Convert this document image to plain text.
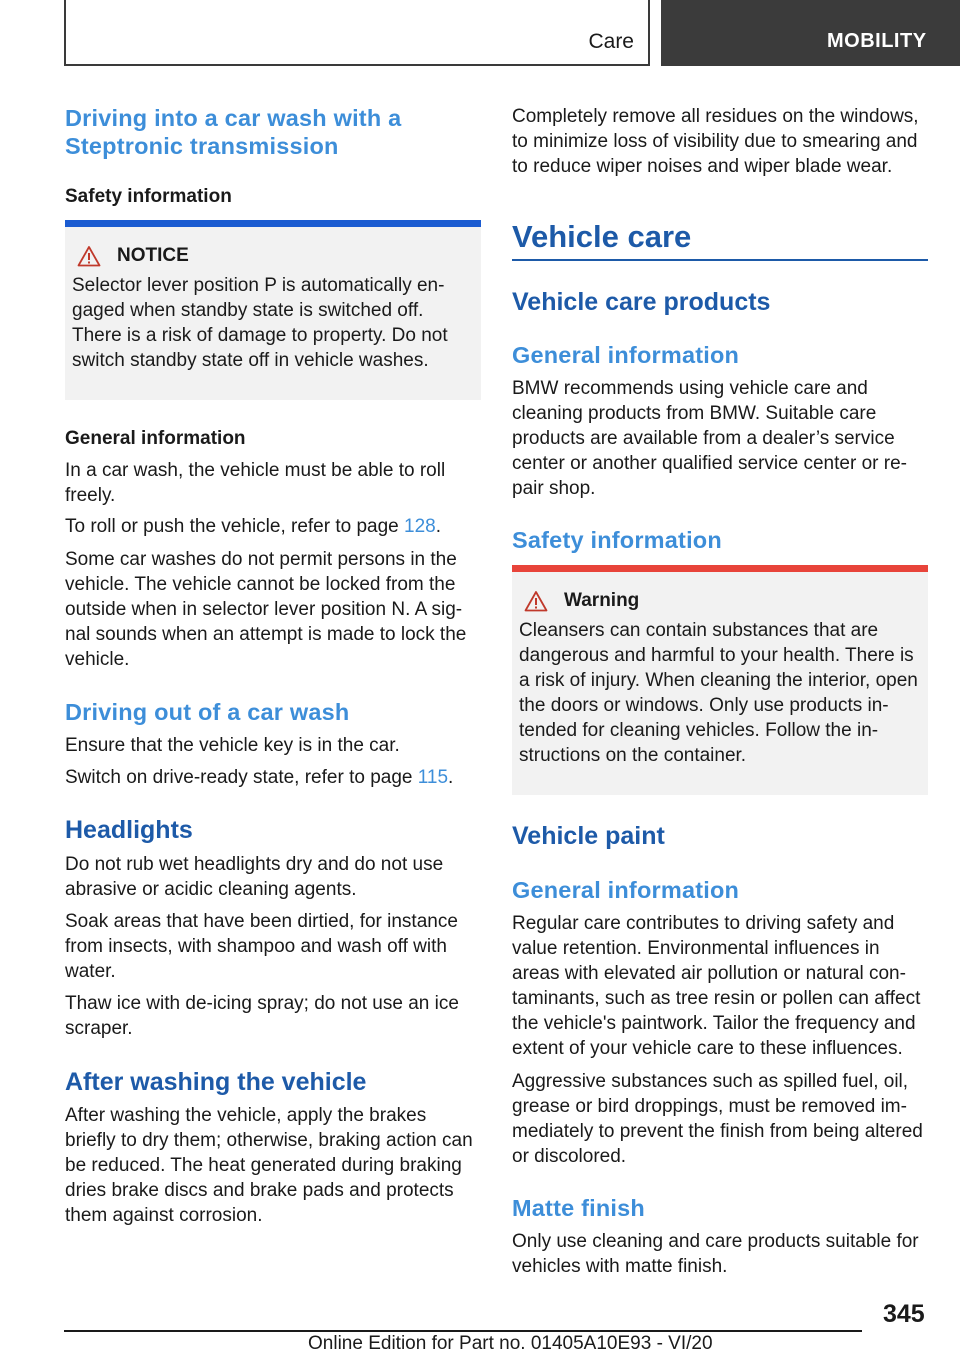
Care	MOBILITY
Driving into a car wash with a Steptronic transmission
Safety information
NOTICE
Selector lever position P is automatically engaged when standby state is switched off. There is a risk of damage to property. Do not switch standby state off in vehicle washes.
General information
In a car wash, the vehicle must be able to roll freely.
To roll or push the vehicle, refer to page 128.
Some car washes do not permit persons in the vehicle. The vehicle cannot be locked from the outside when in selector lever position N. A signal sounds when an attempt is made to lock the vehicle.
Driving out of a car wash
Ensure that the vehicle key is in the car.
Switch on drive-ready state, refer to page 115.
Headlights
Do not rub wet headlights dry and do not use abrasive or acidic cleaning agents.
Soak areas that have been dirtied, for instance from insects, with shampoo and wash off with water.
Thaw ice with de-icing spray; do not use an ice scraper.
After washing the vehicle
After washing the vehicle, apply the brakes briefly to dry them; otherwise, braking action can be reduced. The heat generated during braking dries brake discs and brake pads and protects them against corrosion.
Completely remove all residues on the windows, to minimize loss of visibility due to smearing and to reduce wiper noises and wiper blade wear.
Vehicle care
Vehicle care products
General information
BMW recommends using vehicle care and cleaning products from BMW. Suitable care products are available from a dealer’s service center or another qualified service center or repair shop.
Safety information
Warning
Cleansers can contain substances that are dangerous and harmful to your health. There is a risk of injury. When cleaning the interior, open the doors or windows. Only use products intended for cleaning vehicles. Follow the instructions on the container.
Vehicle paint
General information
Regular care contributes to driving safety and value retention. Environmental influences in areas with elevated air pollution or natural contaminants, such as tree resin or pollen can affect the vehicle's paintwork. Tailor the frequency and extent of your vehicle care to these influences.
Aggressive substances such as spilled fuel, oil, grease or bird droppings, must be removed immediately to prevent the finish from being altered or discolored.
Matte finish
Only use cleaning and care products suitable for vehicles with matte finish.
345
Online Edition for Part no. 01405A10E93 - VI/20
